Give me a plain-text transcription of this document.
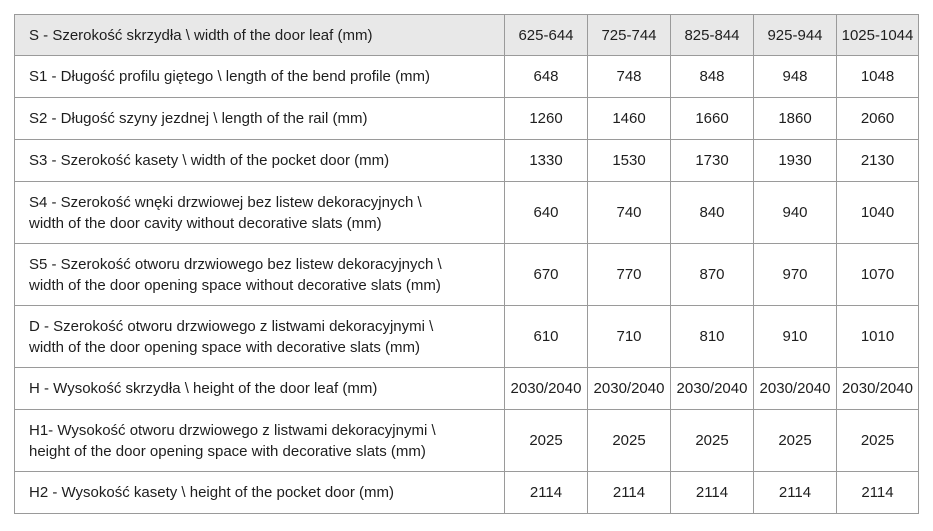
S - Szerokość skrzydła \ width of the door leaf (mm)	625-644	725-744	825-844	925-944	1025-1044

S1 - Długość profilu giętego \ length of the bend profile (mm)	648	748	848	948	1048

S2 - Długość szyny jezdnej \ length of the rail (mm)	1260	1460	1660	1860	2060

S3 - Szerokość kasety \ width of the pocket door (mm)	1330	1530	1730	1930	2130

S4 - Szerokość wnęki drzwiowej bez listew dekoracyjnych \
width of the door cavity without decorative slats (mm)	640	740	840	940	1040

S5 - Szerokość otworu drzwiowego bez listew dekoracyjnych \
width of the door opening space without decorative slats (mm)	670	770	870	970	1070

D - Szerokość otworu drzwiowego z listwami dekoracyjnymi \
width of the door opening space with decorative slats (mm)	610	710	810	910	1010

H - Wysokość skrzydła \ height of the door leaf (mm)	2030/2040	2030/2040	2030/2040	2030/2040	2030/2040

H1- Wysokość otworu drzwiowego z listwami dekoracyjnymi \
height of the door opening space with decorative slats (mm)	2025	2025	2025	2025	2025

H2 - Wysokość kasety \ height of the pocket door (mm)	2114	2114	2114	2114	2114
